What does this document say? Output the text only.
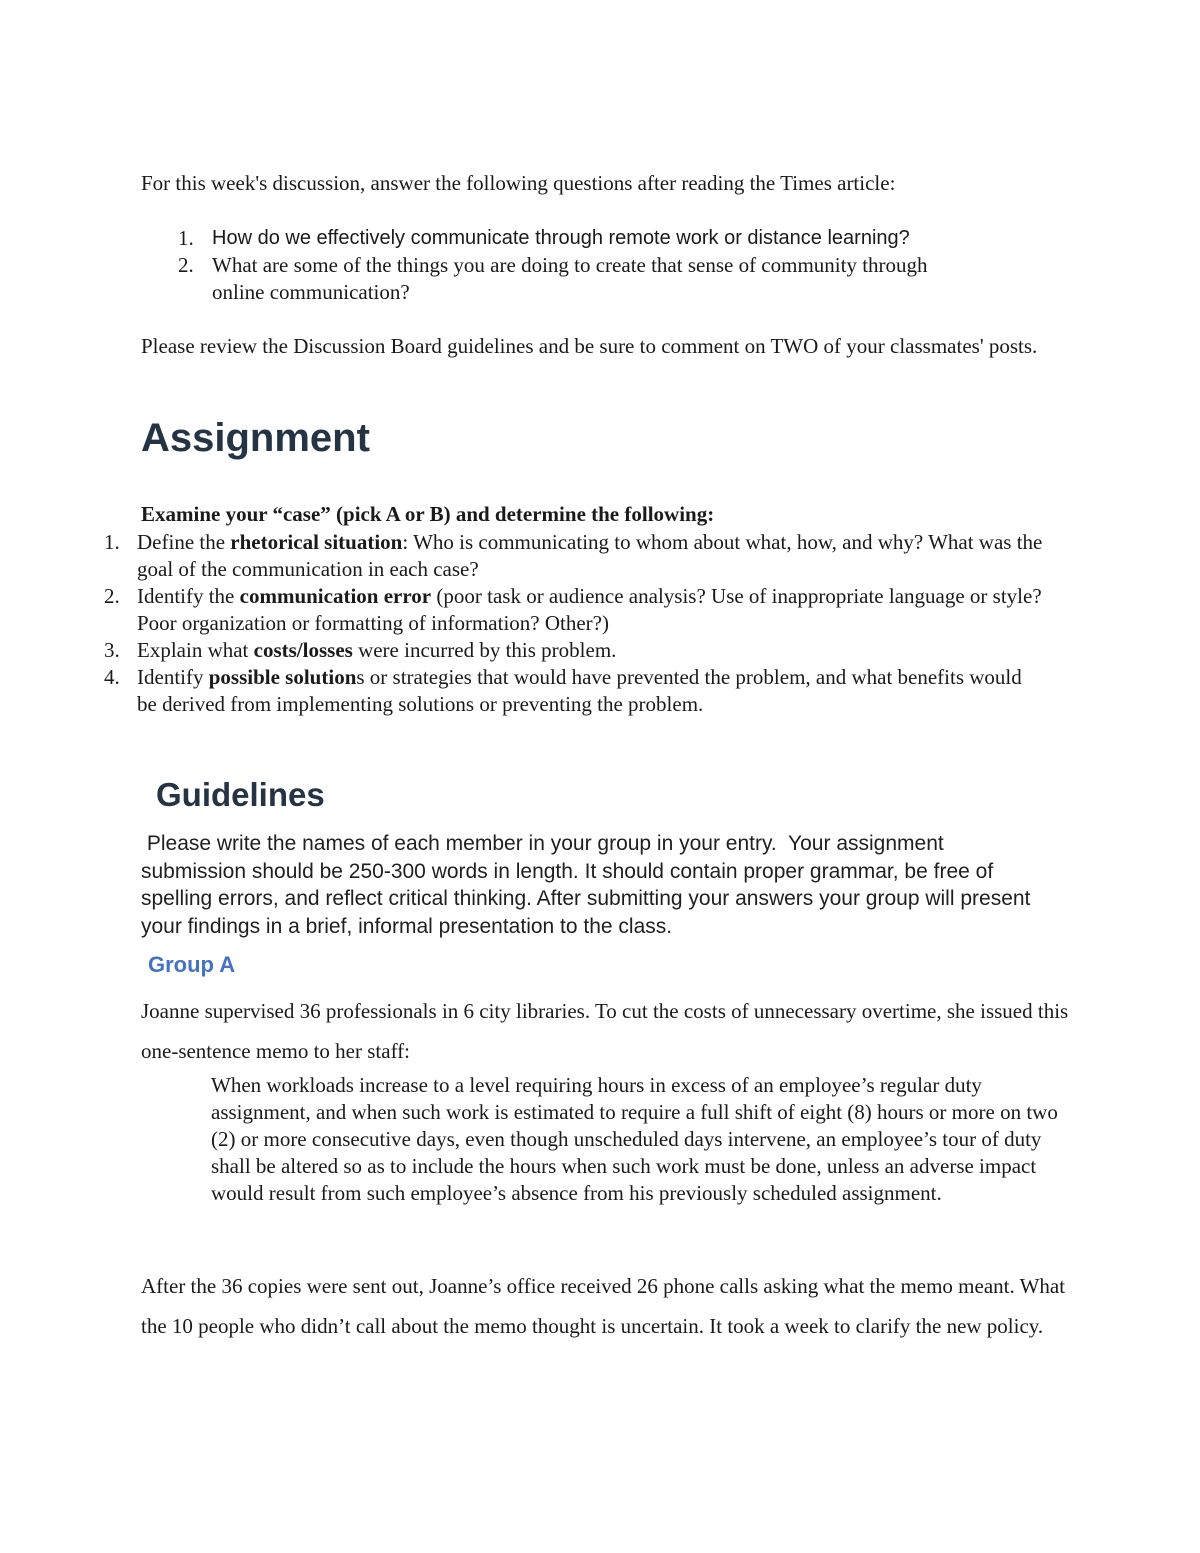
For this week's discussion, answer the following questions after reading the Times article:

1. How do we effectively communicate through remote work or distance learning?
2. What are some of the things you are doing to create that sense of community through
online communication?

Please review the Discussion Board guidelines and be sure to comment on TWO of your classmates' posts.

Assignment

Examine your “case” (pick A or B) and determine the following:

1. Define the rhetorical situation: Who is communicating to whom about what, how, and why? What was the goal of the communication in each case?
2. Identify the communication error (poor task or audience analysis? Use of inappropriate language or style? Poor organization or formatting of information? Other?)
3. Explain what costs/losses were incurred by this problem.
4. Identify possible solutions or strategies that would have prevented the problem, and what benefits would be derived from implementing solutions or preventing the problem.
Guidelines

Please write the names of each member in your group in your entry.  Your assignment submission should be 250-300 words in length. It should contain proper grammar, be free of spelling errors, and reflect critical thinking. After submitting your answers your group will present your findings in a brief, informal presentation to the class.

Group A

Joanne supervised 36 professionals in 6 city libraries. To cut the costs of unnecessary overtime, she issued this one-sentence memo to her staff:

When workloads increase to a level requiring hours in excess of an employee’s regular duty assignment, and when such work is estimated to require a full shift of eight (8) hours or more on two (2) or more consecutive days, even though unscheduled days intervene, an employee’s tour of duty shall be altered so as to include the hours when such work must be done, unless an adverse impact would result from such employee’s absence from his previously scheduled assignment.

After the 36 copies were sent out, Joanne’s office received 26 phone calls asking what the memo meant. What the 10 people who didn’t call about the memo thought is uncertain. It took a week to clarify the new policy.
